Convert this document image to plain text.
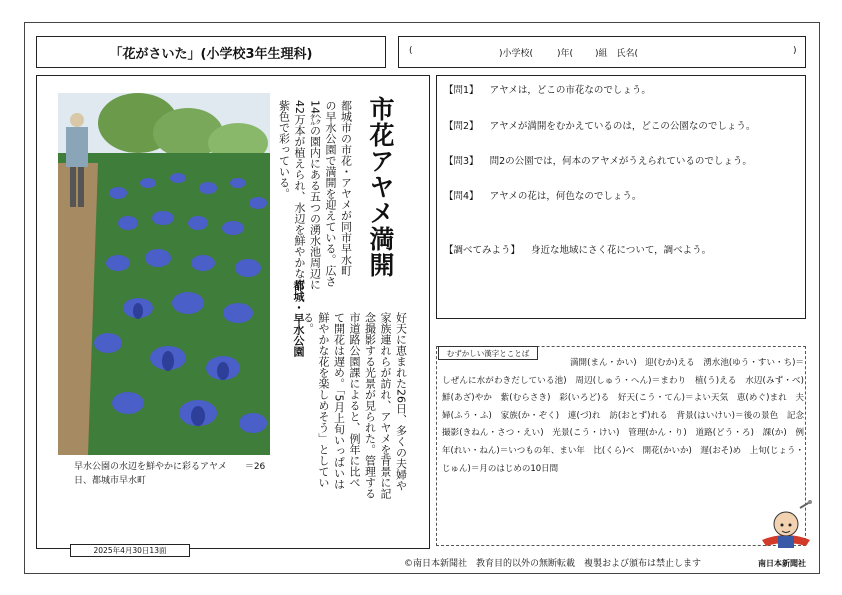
「花がさいた」(小学校3年生理科)	(	)小学校(	)年( )組　氏名(	)
早水公園の水辺を鮮やかに彩るアヤメ　　＝26日、都城市早水町
市花アヤメ満開
都城市の市花・アヤメが同市早水町
の早水公園で満開を迎えている。広さ
14㌶の園内にある五つの湧水池周辺に
42万本が植えられ、水辺を鮮やかな青
紫色で彩っている。
都城・早水公園	好天に恵まれた26日、多くの夫婦や
家族連れらが訪れ、アヤメを背景に記
念撮影する光景が見られた。管理する
市道路公園課によると、例年に比べ
て開花は遅め。「5月上旬いっぱいは
鮮やかな花を楽しめそう」としてい
る。
2025年4月30日13面
【問1】 アヤメは，どこの市花なのでしょう。
【問2】 アヤメが満開をむかえているのは，どこの公園なのでしょう。
【問3】 問2の公園では，何本のアヤメがうえられているのでしょう。
【問4】 アヤメの花は，何色なのでしょう。
【調べてみよう】 身近な地域にさく花について，調べよう。
むずかしい漢字とことば
満開(まん・かい)　迎(むか)える　湧水池(ゆう・すい・ち)＝しぜんに水がわきだしている池)　周辺(しゅう・へん)＝まわり　植(う)える　水辺(みず・べ)　鮮(あざ)やか　紫(むらさき)　彩(いろど)る　好天(こう・てん)＝よい天気　恵(めぐ)まれ　夫婦(ふう・ふ)　家族(か・ぞく)　連(づ)れ　訪(おとず)れる　背景(はいけい)＝後の景色　記念撮影(きねん・さつ・えい)　光景(こう・けい)　管理(かん・り)　道路(どう・ろ)　課(か)　例年(れい・ねん)＝いつもの年、まい年　比(くら)べ　開花(かいか)　遅(おそ)め　上旬(じょう・じゅん)＝月のはじめの10日間
©南日本新聞社　教育目的以外の無断転載　複製および頒布は禁止します	南日本新聞社
